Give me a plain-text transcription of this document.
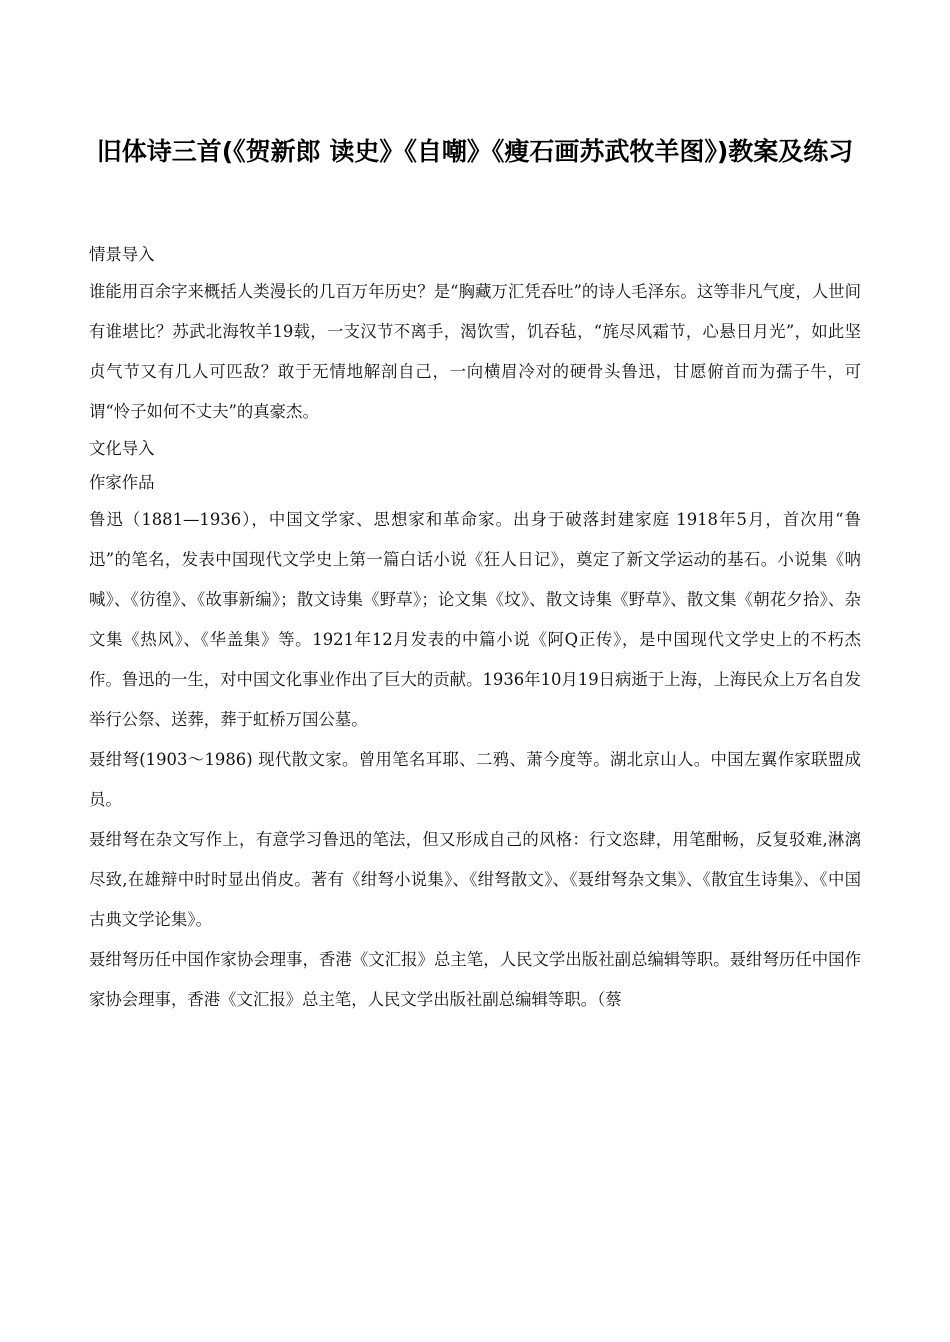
旧体诗三首(《贺新郎 读史》《自嘲》《瘦石画苏武牧羊图》)教案及练习

情景导入

谁能用百余字来概括人类漫长的几百万年历史？是“胸藏万汇凭吞吐”的诗人毛泽东。这等非凡气度，人世间有谁堪比？苏武北海牧羊19载，一支汉节不离手，渴饮雪，饥吞毡，“旄尽风霜节，心悬日月光”，如此坚贞气节又有几人可匹敌？敢于无情地解剖自己，一向横眉冷对的硬骨头鲁迅，甘愿俯首而为孺子牛，可谓“怜子如何不丈夫”的真豪杰。

文化导入

作家作品

鲁迅（1881—1936），中国文学家、思想家和革命家。出身于破落封建家庭 1918年5月，首次用“鲁迅”的笔名，发表中国现代文学史上第一篇白话小说《狂人日记》，奠定了新文学运动的基石。小说集《呐喊》、《彷徨》、《故事新编》；散文诗集《野草》；论文集《坟》、散文诗集《野草》、散文集《朝花夕拾》、杂文集《热风》、《华盖集》等。1921年12月发表的中篇小说《阿Q正传》，是中国现代文学史上的不朽杰作。鲁迅的一生，对中国文化事业作出了巨大的贡献。1936年10月19日病逝于上海，上海民众上万名自发举行公祭、送葬，葬于虹桥万国公墓。

聂绀弩(1903～1986) 现代散文家。曾用笔名耳耶、二鸦、萧今度等。湖北京山人。中国左翼作家联盟成员。

聂绀弩在杂文写作上，有意学习鲁迅的笔法，但又形成自己的风格：行文恣肆，用笔酣畅，反复驳难,淋漓尽致,在雄辩中时时显出俏皮。著有《绀弩小说集》、《绀弩散文》、《聂绀弩杂文集》、《散宜生诗集》、《中国古典文学论集》。

聂绀弩历任中国作家协会理事，香港《文汇报》总主笔，人民文学出版社副总编辑等职。聂绀弩历任中国作家协会理事，香港《文汇报》总主笔，人民文学出版社副总编辑等职。（蔡
